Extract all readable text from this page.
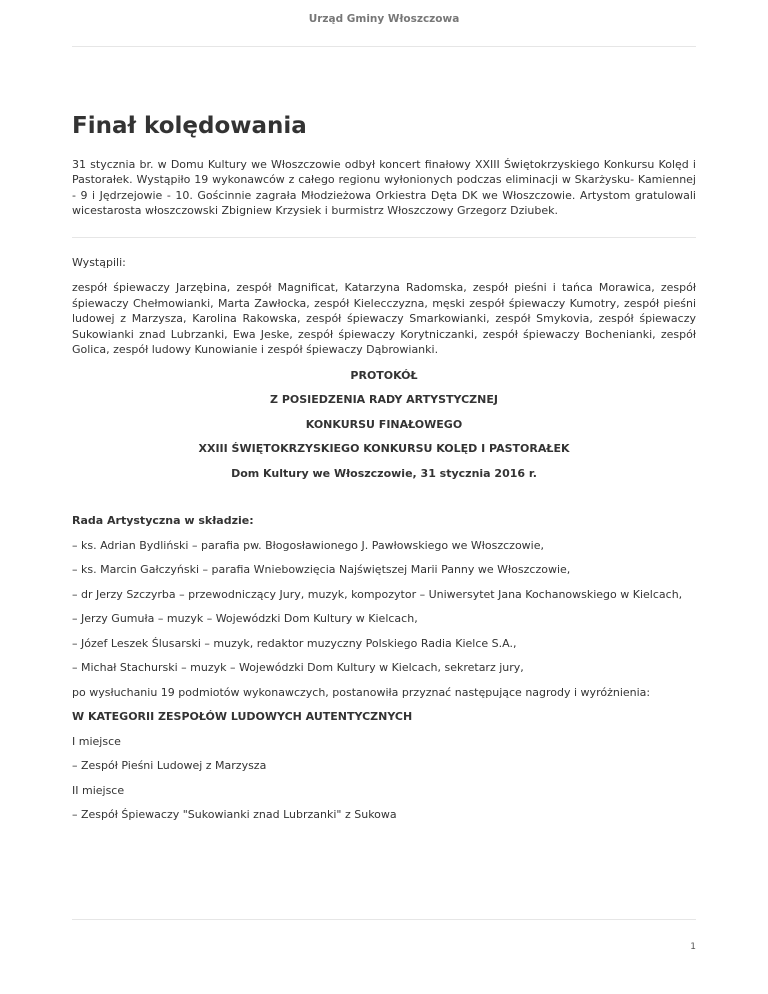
Urząd Gminy Włoszczowa
Finał kolędowania

31 stycznia br. w Domu Kultury we Włoszczowie odbył koncert finałowy XXIII Świętokrzyskiego Konkursu Kolęd i Pastorałek. Wystąpiło 19 wykonawców z całego regionu wyłonionych podczas eliminacji w Skarżysku- Kamiennej - 9 i Jędrzejowie - 10. Gościnnie zagrała Młodzieżowa Orkiestra Dęta DK we Włoszczowie. Artystom gratulowali wicestarosta włoszczowski Zbigniew Krzysiek i burmistrz Włoszczowy Grzegorz Dziubek.

Wystąpili:

zespół śpiewaczy Jarzębina, zespół Magnificat, Katarzyna Radomska, zespół pieśni i tańca Morawica, zespół śpiewaczy Chełmowianki, Marta Zawłocka, zespół Kielecczyzna, męski zespół śpiewaczy Kumotry, zespół pieśni ludowej z Marzysza, Karolina Rakowska, zespół śpiewaczy Smarkowianki, zespół Smykovia, zespół śpiewaczy Sukowianki znad Lubrzanki, Ewa Jeske, zespół śpiewaczy Korytniczanki, zespół śpiewaczy Bochenianki, zespół Golica, zespół ludowy Kunowianie i zespół śpiewaczy Dąbrowianki.

PROTOKÓŁ

Z POSIEDZENIA RADY ARTYSTYCZNEJ

KONKURSU FINAŁOWEGO

XXIII ŚWIĘTOKRZYSKIEGO KONKURSU KOLĘD I PASTORAŁEK

Dom Kultury we Włoszczowie, 31 stycznia 2016 r.

Rada Artystyczna w składzie:

– ks. Adrian Bydliński – parafia pw. Błogosławionego J. Pawłowskiego we Włoszczowie,

– ks. Marcin Gałczyński – parafia Wniebowzięcia Najświętszej Marii Panny we Włoszczowie,

– dr Jerzy Szczyrba – przewodniczący Jury, muzyk, kompozytor – Uniwersytet Jana Kochanowskiego w Kielcach,

– Jerzy Gumuła – muzyk – Wojewódzki Dom Kultury w Kielcach,

– Józef Leszek Ślusarski – muzyk, redaktor muzyczny Polskiego Radia Kielce S.A.,

– Michał Stachurski – muzyk – Wojewódzki Dom Kultury w Kielcach, sekretarz jury,

po wysłuchaniu 19 podmiotów wykonawczych, postanowiła przyznać następujące nagrody i wyróżnienia:

W KATEGORII ZESPOŁÓW LUDOWYCH AUTENTYCZNYCH

I miejsce

– Zespół Pieśni Ludowej z Marzysza

II miejsce

– Zespół Śpiewaczy "Sukowianki znad Lubrzanki" z Sukowa

1
